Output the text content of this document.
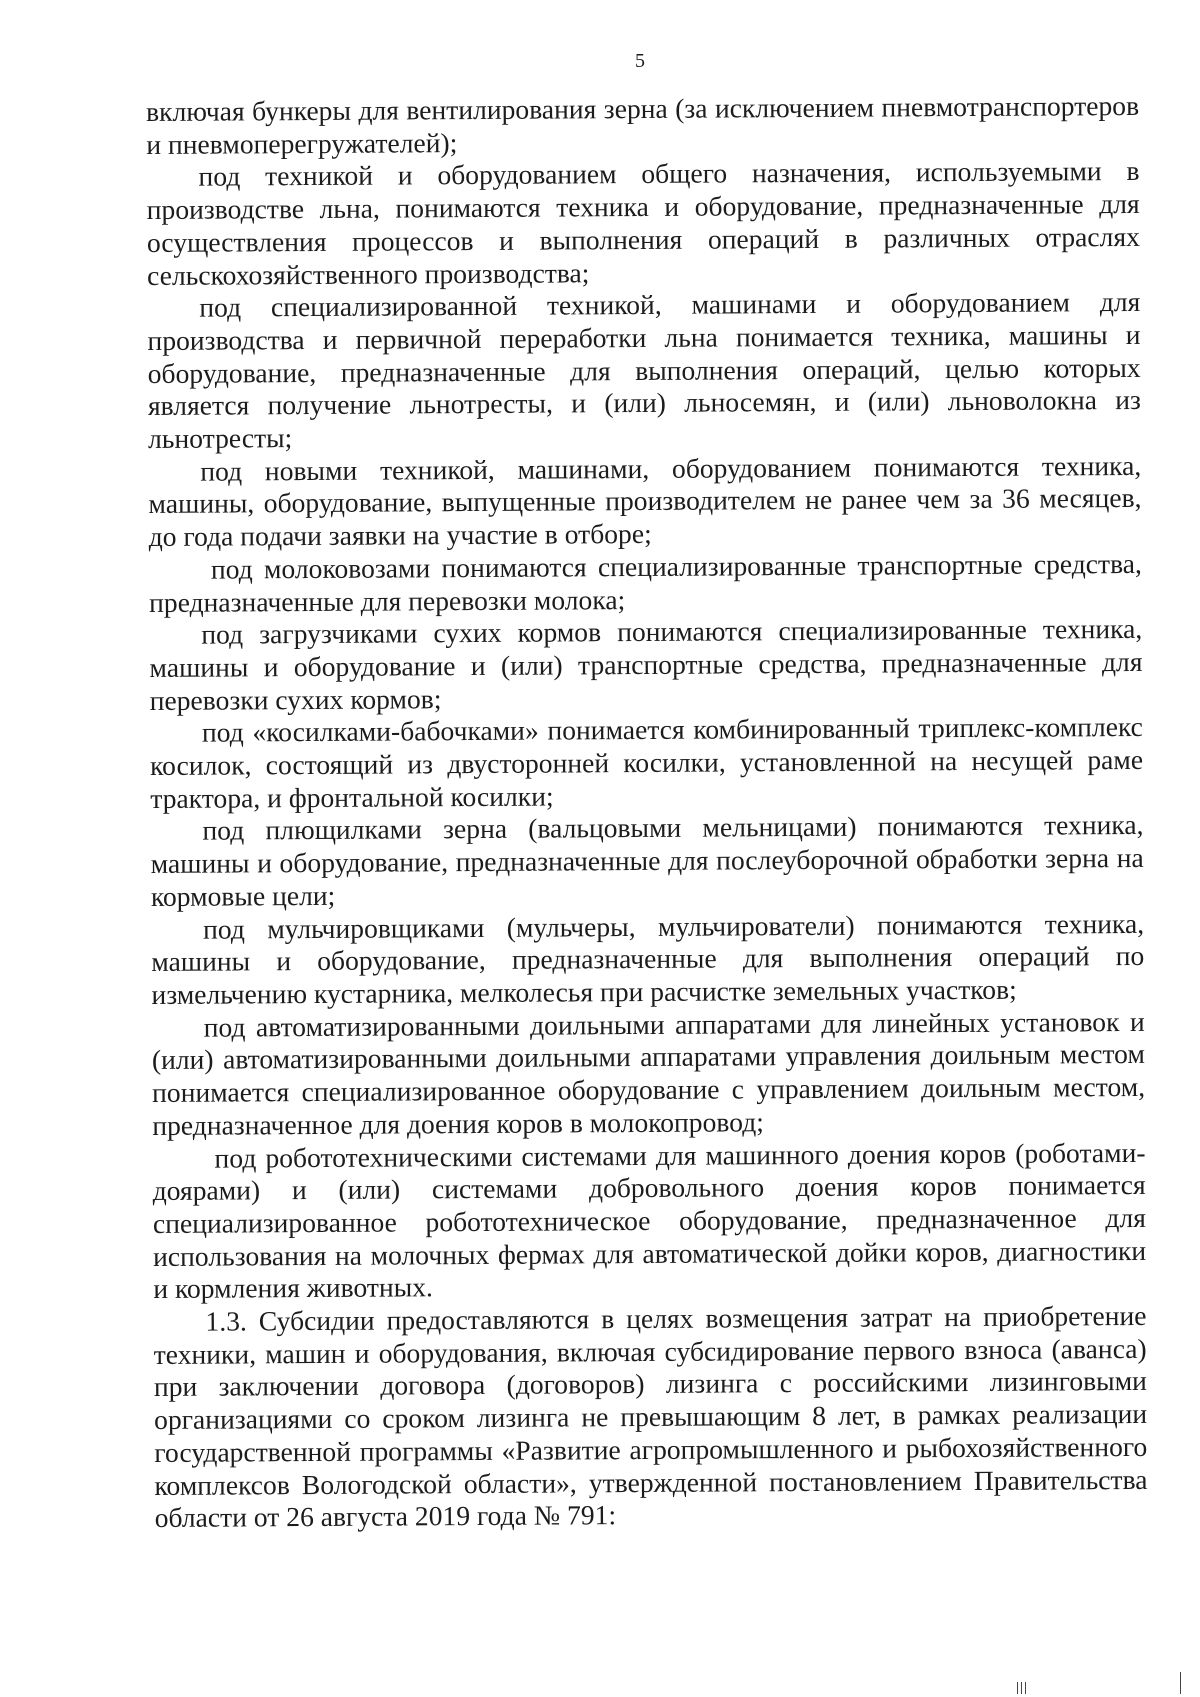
5

включая бункеры для вентилирования зерна (за исключением пневмотранспортеров и пневмоперегружателей);

под техникой и оборудованием общего назначения, используемыми в производстве льна, понимаются техника и оборудование, предназначенные для осуществления процессов и выполнения операций в различных отраслях сельскохозяйственного производства;

под специализированной техникой, машинами и оборудованием для производства и первичной переработки льна понимается техника, машины и оборудование, предназначенные для выполнения операций, целью которых является получение льнотресты, и (или) льносемян, и (или) льноволокна из льнотресты;

под новыми техникой, машинами, оборудованием понимаются техника, машины, оборудование, выпущенные производителем не ранее чем за 36 месяцев, до года подачи заявки на участие в отборе;

под молоковозами понимаются специализированные транспортные средства, предназначенные для перевозки молока;

под загрузчиками сухих кормов понимаются специализированные техника, машины и оборудование и (или) транспортные средства, предназначенные для перевозки сухих кормов;

под «косилками-бабочками» понимается комбинированный триплекс-комплекс косилок, состоящий из двусторонней косилки, установленной на несущей раме трактора, и фронтальной косилки;

под плющилками зерна (вальцовыми мельницами) понимаются техника, машины и оборудование, предназначенные для послеуборочной обработки зерна на кормовые цели;

под мульчировщиками (мульчеры, мульчирователи) понимаются техника, машины и оборудование, предназначенные для выполнения операций по измельчению кустарника, мелколесья при расчистке земельных участков;

под автоматизированными доильными аппаратами для линейных установок и (или) автоматизированными доильными аппаратами управления доильным местом понимается специализированное оборудование с управлением доильным местом, предназначенное для доения коров в молокопровод;

под робототехническими системами для машинного доения коров (роботами-доярами) и (или) системами добровольного доения коров понимается специализированное робототехническое оборудование, предназначенное для использования на молочных фермах для автоматической дойки коров, диагностики и кормления животных.

1.3. Субсидии предоставляются в целях возмещения затрат на приобретение техники, машин и оборудования, включая субсидирование первого взноса (аванса) при заключении договора (договоров) лизинга с российскими лизинговыми организациями со сроком лизинга не превышающим 8 лет, в рамках реализации государственной программы «Развитие агропромышленного и рыбохозяйственного комплексов Вологодской области», утвержденной постановлением Правительства области от 26 августа 2019 года № 791:
